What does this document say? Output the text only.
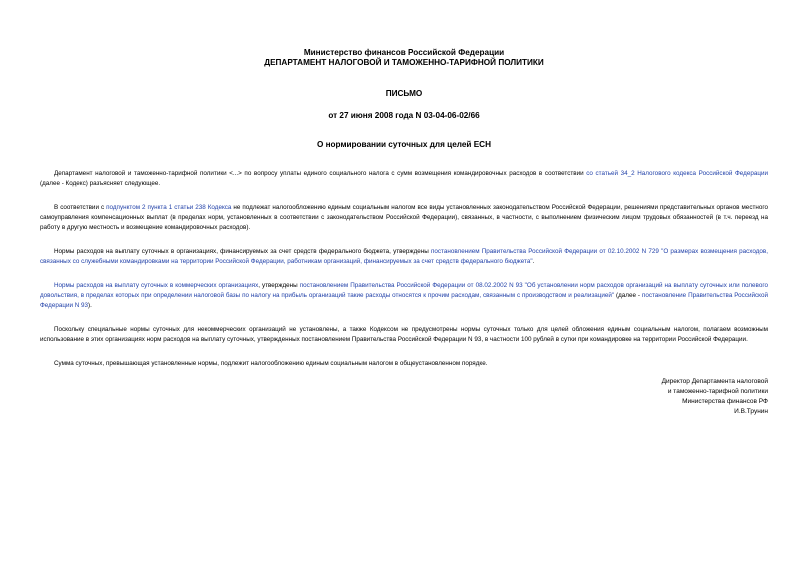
Министерство финансов Российской Федерации
ДЕПАРТАМЕНТ НАЛОГОВОЙ И ТАМОЖЕННО-ТАРИФНОЙ ПОЛИТИКИ
ПИСЬМО
от 27 июня 2008 года N 03-04-06-02/66
О нормировании суточных для целей ЕСН

Департамент налоговой и таможенно-тарифной политики <...> по вопросу уплаты единого социального налога с сумм возмещения командировочных расходов в соответствии со статьей 34_2 Налогового кодекса Российской Федерации (далее - Кодекс) разъясняет следующее.

В соответствии с подпунктом 2 пункта 1 статьи 238 Кодекса не подлежат налогообложению единым социальным налогом все виды установленных законодательством Российской Федерации, решениями представительных органов местного самоуправления компенсационных выплат (в пределах норм, установленных в соответствии с законодательством Российской Федерации), связанных, в частности, с выполнением физическим лицом трудовых обязанностей (в т.ч. переезд на работу в другую местность и возмещение командировочных расходов).

Нормы расходов на выплату суточных в организациях, финансируемых за счет средств федерального бюджета, утверждены постановлением Правительства Российской Федерации от 02.10.2002 N 729 "О размерах возмещения расходов, связанных со служебными командировками на территории Российской Федерации, работникам организаций, финансируемых за счет средств федерального бюджета".

Нормы расходов на выплату суточных в коммерческих организациях, утверждены постановлением Правительства Российской Федерации от 08.02.2002 N 93 "Об установлении норм расходов организаций на выплату суточных или полевого довольствия, в пределах которых при определении налоговой базы по налогу на прибыль организаций такие расходы относятся к прочим расходам, связанным с производством и реализацией" (далее - постановление Правительства Российской Федерации N 93).

Поскольку специальные нормы суточных для некоммерческих организаций не установлены, а также Кодексом не предусмотрены нормы суточных только для целей обложения единым социальным налогом, полагаем возможным использование в этих организациях норм расходов на выплату суточных, утвержденных постановлением Правительства Российской Федерации N 93, в частности 100 рублей в сутки при командировке на территории Российской Федерации.

Сумма суточных, превышающая установленные нормы, подлежит налогообложению единым социальным налогом в общеустановленном порядке.

Директор Департамента налоговой
и таможенно-тарифной политики
Министерства финансов РФ
И.В.Трунин
